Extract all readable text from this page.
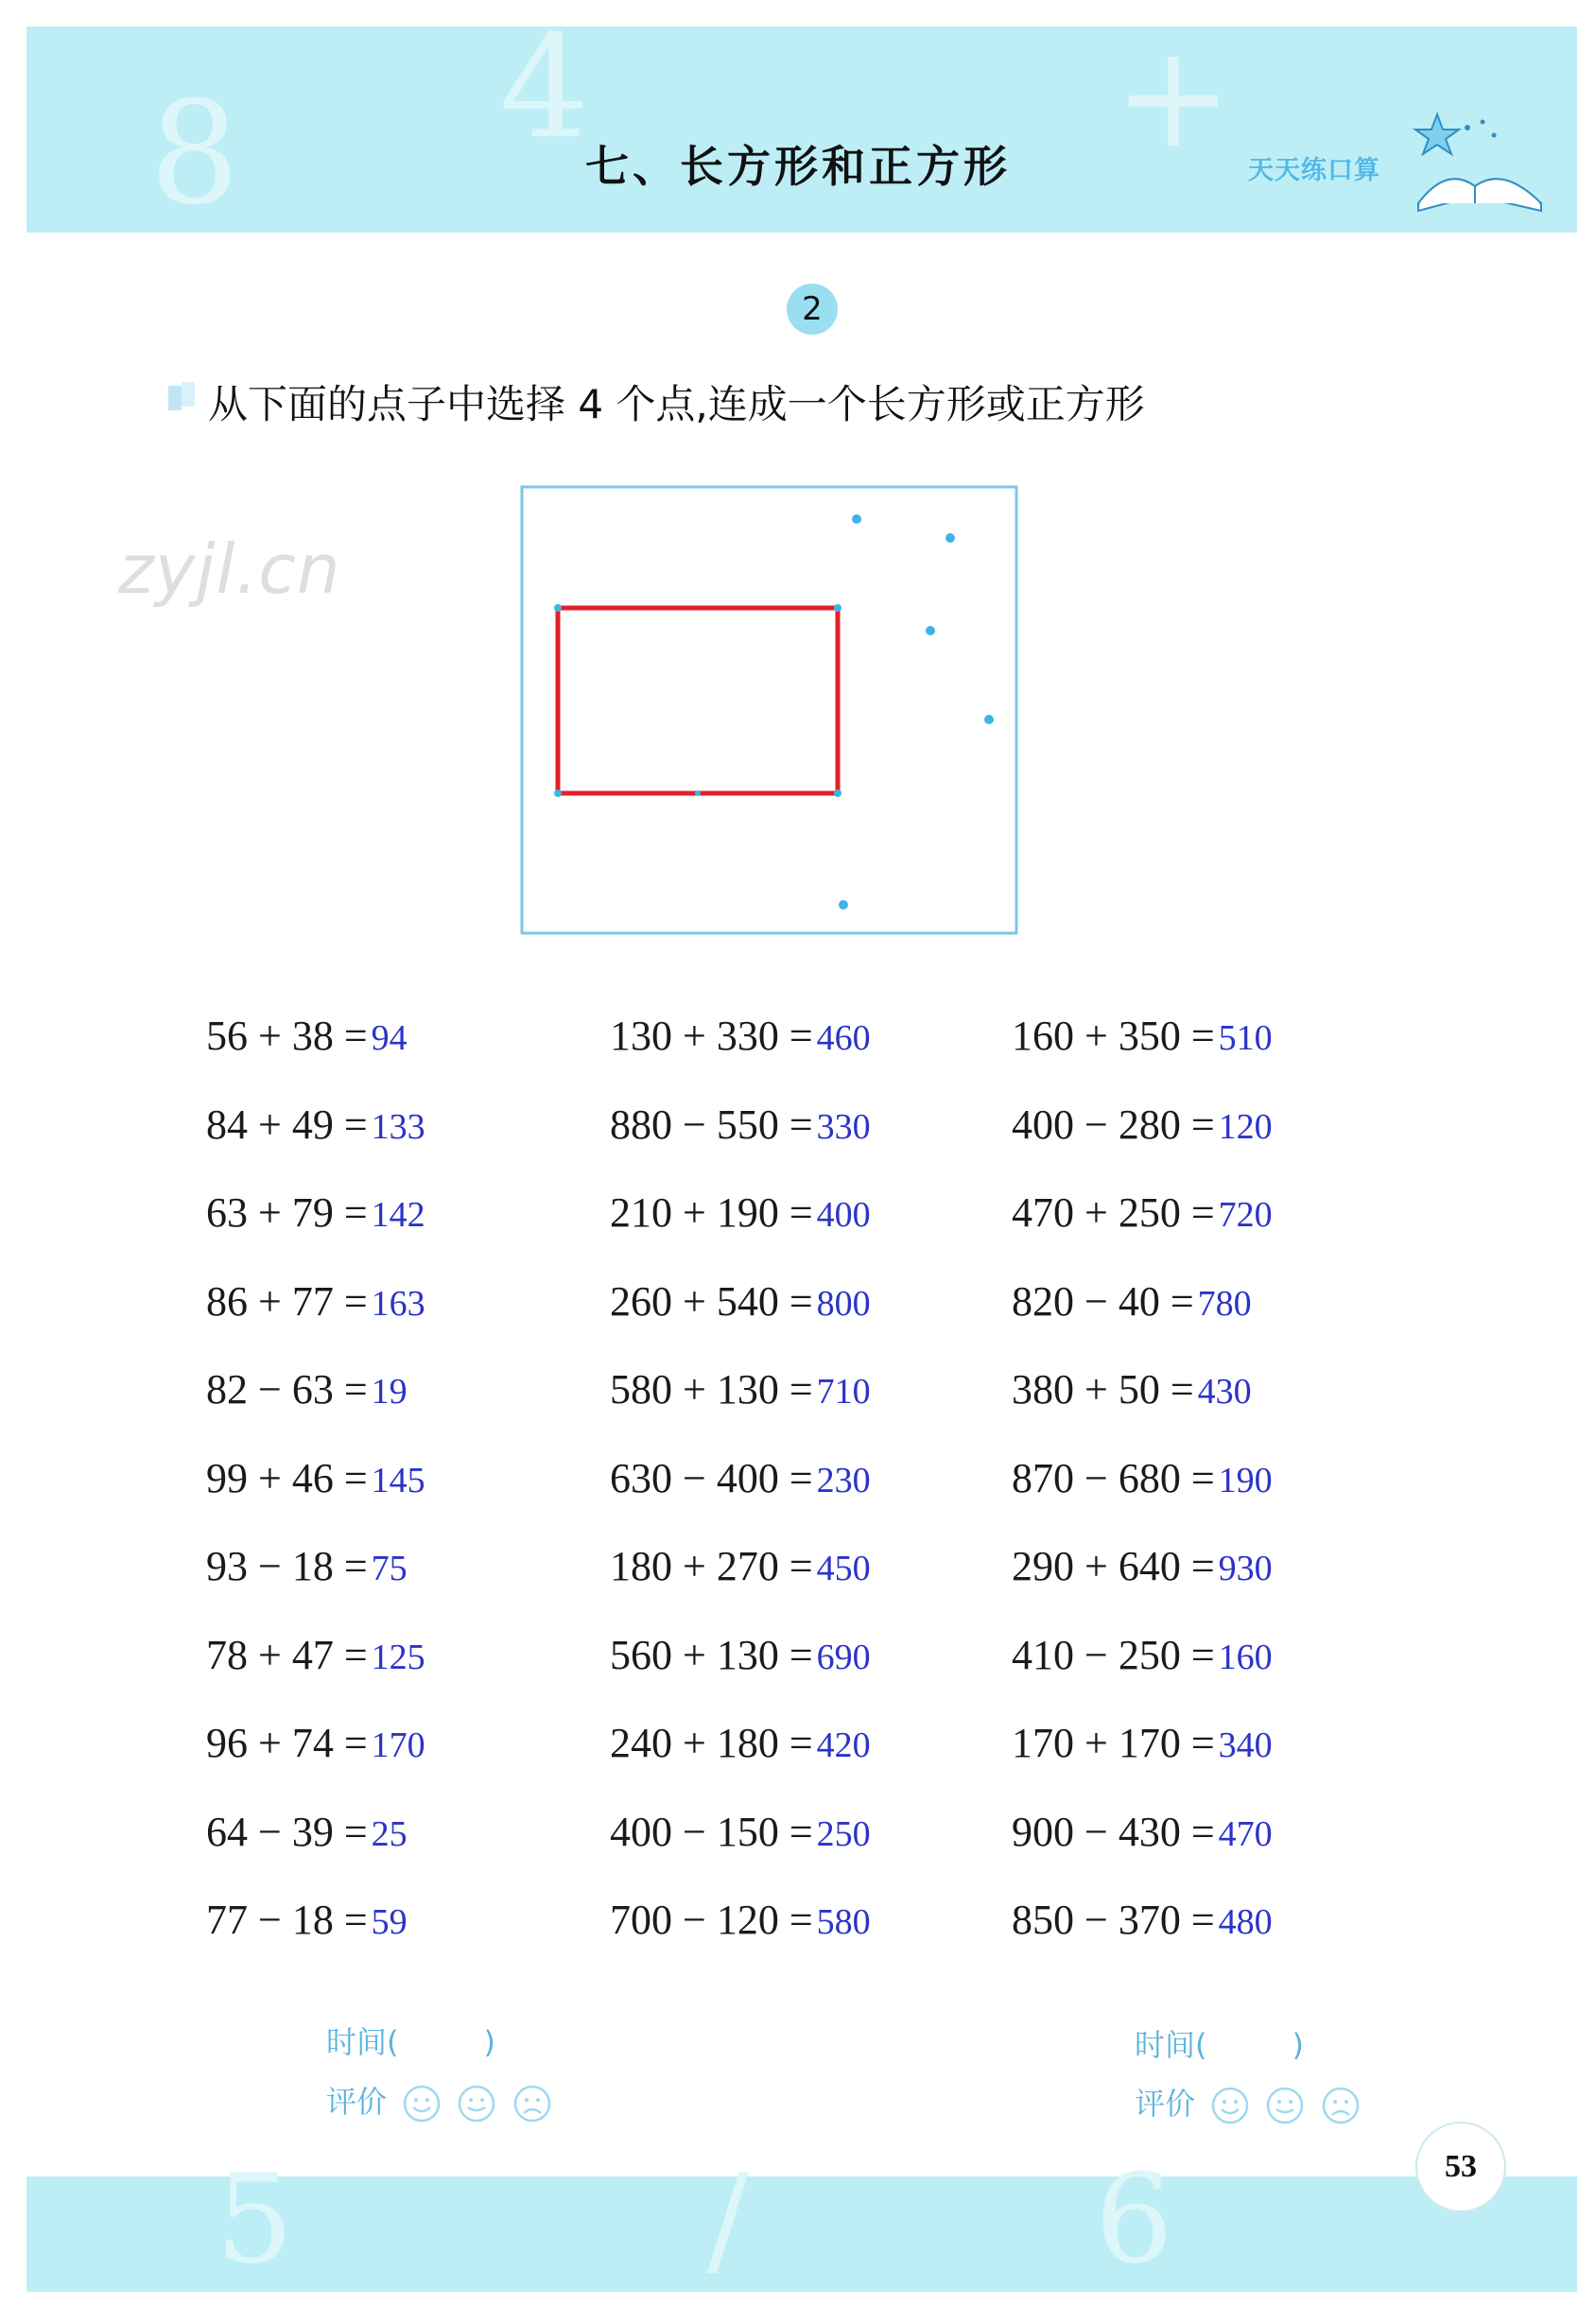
8 4	+
七、长方形和正方形	天天练口算
2
从下面的点子中选择 4 个点,连成一个长方形或正方形
zyjl.cn
56 + 38 = 94
84 + 49 = 133
63 + 79 = 142
86 + 77 = 163
82 − 63 = 19
99 + 46 = 145
93 − 18 = 75
78 + 47 = 125
96 + 74 = 170
64 − 39 = 25
77 − 18 = 59
130 + 330 = 460
880 − 550 = 330
210 + 190 = 400
260 + 540 = 800
580 + 130 = 710
630 − 400 = 230
180 + 270 = 450
560 + 130 = 690
240 + 180 = 420
400 − 150 = 250
700 − 120 = 580
160 + 350 = 510
400 − 280 = 120
470 + 250 = 720
820 − 40 = 780
380 + 50 = 430
870 − 680 = 190
290 + 640 = 930
410 − 250 = 160
170 + 170 = 340
900 − 430 = 470
850 − 370 = 480
时间(	)
评价
时间(	)
评价
5	/	6	53
